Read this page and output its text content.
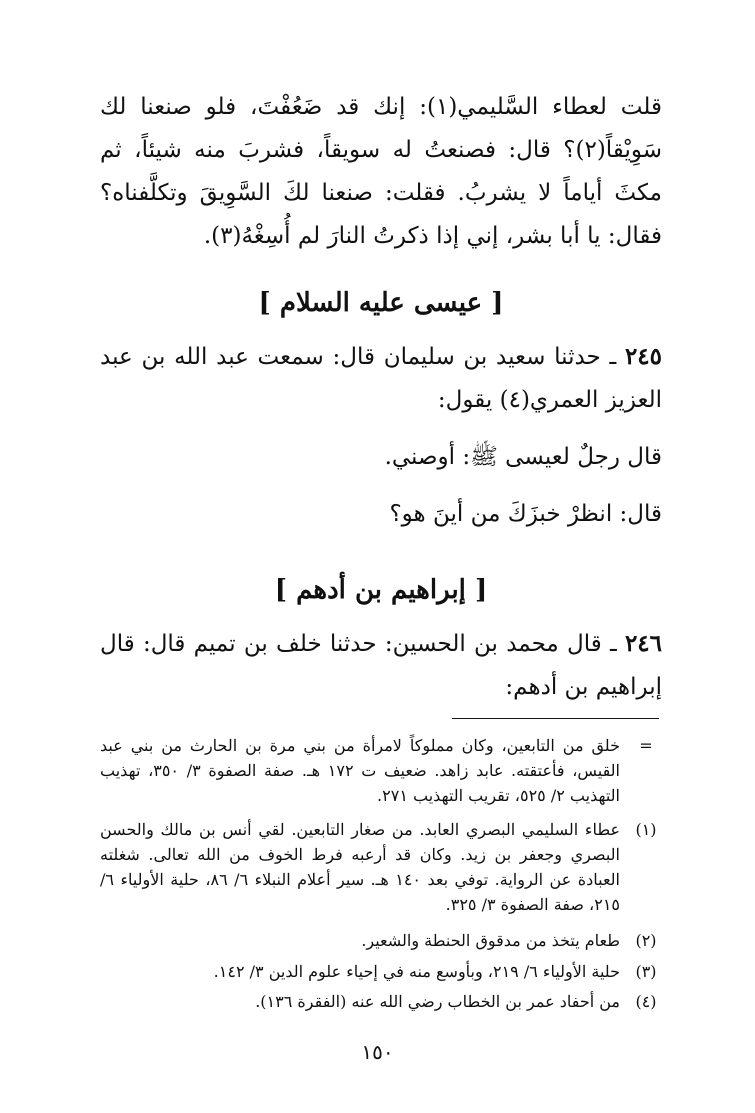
قلت لعطاء السَّليمي(١): إنك قد ضَعُفْتَ، فلو صنعنا لك سَوِيْقاً(٢)؟ قال: فصنعتُ له سويقاً، فشربَ منه شيئاً، ثم مكثَ أياماً لا يشربُ. فقلت: صنعنا لكَ السَّوِيقَ وتكلَّفناه؟ فقال: يا أبا بشر، إني إذا ذكرتُ النارَ لم أُسِغْهُ(٣).

[ عيسى عليه السلام ]

٢٤٥ ـ حدثنا سعيد بن سليمان قال: سمعت عبد الله بن عبد العزيز العمري(٤) يقول:

قال رجلٌ لعيسى ﷺ: أوصني.

قال: انظرْ خبزَكَ من أينَ هو؟

[ إبراهيم بن أدهم ]

٢٤٦ ـ قال محمد بن الحسين: حدثنا خلف بن تميم قال: قال إبراهيم بن أدهم:

=
خلق من التابعين، وكان مملوكاً لامرأة من بني مرة بن الحارث من بني عبد القيس، فأعتقته. عابد زاهد. ضعيف ت ١٧٢ هـ. صفة الصفوة ٣/ ٣٥٠، تهذيب التهذيب ٢/ ٥٢٥، تقريب التهذيب ٢٧١.
(١)
عطاء السليمي البصري العابد. من صغار التابعين. لقي أنس بن مالك والحسن البصري وجعفر بن زيد. وكان قد أرعبه فرط الخوف من الله تعالى. شغلته العبادة عن الرواية. توفي بعد ١٤٠ هـ. سير أعلام النبلاء ٦/ ٨٦، حلية الأولياء ٦/ ٢١٥، صفة الصفوة ٣/ ٣٢٥.
(٢)
طعام يتخذ من مدقوق الحنطة والشعير.
(٣)
حلية الأولياء ٦/ ٢١٩، وبأوسع منه في إحياء علوم الدين ٣/ ١٤٢.
(٤)
من أحفاد عمر بن الخطاب رضي الله عنه (الفقرة ١٣٦).
١٥٠
